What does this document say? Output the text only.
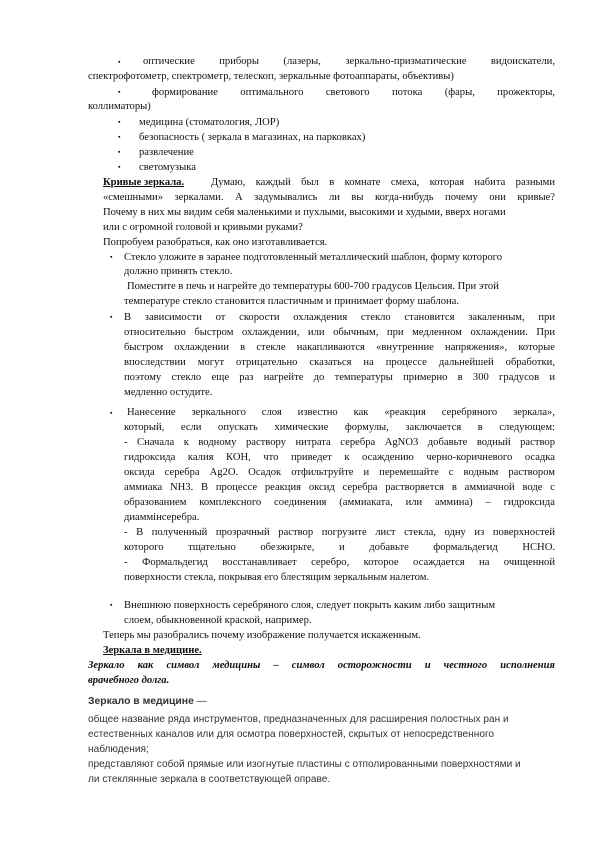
▪ оптические приборы (лазеры, зеркально-призматические видоискатели,
спектрофотометр, спектрометр, телескоп, зеркальные фотоаппараты, объективы)
▪	формирование оптимального светового потока (фары, прожекторы,
коллиматоры)
▪ медицина (стоматология, ЛОР)
▪ безопасность ( зеркала в магазинах, на парковках)
▪ развлечение
▪ светомузыка
Кривые зеркала.	Думаю, каждый был в комнате смеха, которая набита разными
«смешными» зеркалами. А задумывались ли вы когда-нибудь почему они кривые?
Почему в них мы видим себя маленькими и пухлыми, высокими и худыми, вверх ногами
или с огромной головой и кривыми руками?
Попробуем разобраться, как оно изготавливается.
▪ Стекло уложите в заранее подготовленный металлический шаблон, форму которого
должно принять стекло.
Поместите в печь и нагрейте до температуры 600-700 градусов Цельсия. При этой
температуре стекло становится пластичным и принимает форму шаблона.
▪ В зависимости от скорости охлаждения стекло становится закаленным, при
относительно быстром охлаждении, или обычным, при медленном охлаждении. При
быстром охлаждении в стекле накапливаются «внутренние напряжения», которые
впоследствии могут отрицательно сказаться на процессе дальнейшей обработки,
поэтому стекло еще раз нагрейте до температуры примерно в 300 градусов и
медленно остудите.
▪ Нанесение зеркального слоя известно как «реакция серебряного зеркала»,
который, если опускать химические формулы, заключается в следующем:
- Сначала к водному раствору нитрата серебра AgNO3 добавьте водный раствор
гидроксида калия КОН, что приведет к осаждению черно-коричневого осадка
оксида серебра Ag2O. Осадок отфильтруйте и перемешайте с водным раствором
аммиака NH3. В процессе реакция оксид серебра растворяется в аммиачной воде с
образованием комплексного соединения (аммиаката, или аммина) – гидроксида
диаммінсеребра.
- В полученный прозрачный раствор погрузите лист стекла, одну из поверхностей
которого тщательно обезжирьте, и добавьте формальдегид НСНО.
- Формальдегид восстанавливает серебро, которое осаждается на очищенной
поверхности стекла, покрывая его блестящим зеркальным налетом.
▪ Внешнюю поверхность серебряного слоя, следует покрыть каким либо защитным
слоем, обыкновенной краской, например.
Теперь мы разобрались почему изображение получается искаженным.
Зеркала в медицине.
Зеркало как символ медицины – символ осторожности и честного исполнения
врачебного долга.
Зеркало в медицине —
общее название ряда инструментов, предназначенных для расширения полостных ран и
естественных каналов или для осмотра поверхностей, скрытых от непосредственного
наблюдения;
представляют собой прямые или изогнутые пластины с отполированными поверхностями и
ли стеклянные зеркала в соответствующей оправе.
